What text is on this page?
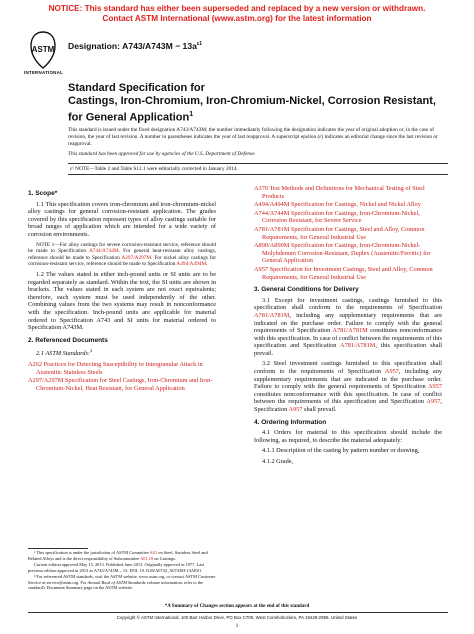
NOTICE: This standard has either been superseded and replaced by a new version or withdrawn.
Contact ASTM International (www.astm.org) for the latest information
ASTM
INTERNATIONAL
Designation: $A743/A743M - 13a^{\varepsilon 1}$
Standard Specification for
Castings, Iron-Chromium, Iron-Chromium-Nickel, Corrosion Resistant, for General Application$^1$
This standard is issued under the fixed designation A743/A743M; the number immediately following the designation indicates the year of original adoption or, in the case of revision, the year of last revision. A number in parentheses indicates the year of last reapproval. A superscript epsilon (ε) indicates an editorial change since the last revision or reapproval.
This standard has been approved for use by agencies of the U.S. Department of Defense.
ε¹ NOTE—Table 2 and Table S12.1 were editorially corrected in January 2014.
1. Scope*

1.1 This specification covers iron-chromium and iron-chromium-nickel alloy castings for general corrosion-resistant application. The grades covered by this specification represent types of alloy castings suitable for broad ranges of application which are intended for a wide variety of corrosion environments.

NOTE 1—For alloy castings for severe corrosion-resistant service, reference should be made to Specification A744/A744M. For general heat-resistant alloy castings, reference should be made to Specification A297/A297M. For nickel alloy castings for corrosion-resistant service, reference should be made to Specification A494/A494M.

1.2 The values stated in either inch-pound units or SI units are to be regarded separately as standard. Within the text, the SI units are shown in brackets. The values stated in each system are not exact equivalents; therefore, each system must be used independently of the other. Combining values from the two systems may result in nonconformance with the specification. Inch-pound units are applicable for material ordered to Specification A743 and SI units for material ordered to Specification A743M.

2. Referenced Documents

2.1 ASTM Standards:$^2$

A262 Practices for Detecting Susceptibility to Intergranular Attack in Austenitic Stainless Steels
A297/A297M Specification for Steel Castings, Iron-Chromium and Iron-Chromium-Nickel, Heat Resistant, for General Application
A370 Test Methods and Definitions for Mechanical Testing of Steel Products
A494/A494M Specification for Castings, Nickel and Nickel Alloy
A744/A744M Specification for Castings, Iron-Chromium-Nickel, Corrosion Resistant, for Severe Service
A781/A781M Specification for Castings, Steel and Alloy, Common Requirements, for General Industrial Use
A890/A890M Specification for Castings, Iron-Chromium-Nickel-Molybdenum Corrosion-Resistant, Duplex (Austenitic/Ferritic) for General Application
A957 Specification for Investment Castings, Steel and Alloy, Common Requirements, for General Industrial Use
3. General Conditions for Delivery

3.1 Except for investment castings, castings furnished to this specification shall conform to the requirements of Specification A781/A781M, including any supplementary requirements that are indicated on the purchase order. Failure to comply with the general requirements of Specification A781/A781M constitutes nonconformance with this specification. In case of conflict between the requirements of this specification and Specification A781/A781M, this specification shall prevail.

3.2 Steel investment castings furnished to this specification shall conform to the requirements of Specification A957, including any supplementary requirements that are indicated in the purchase order. Failure to comply with the general requirements of Specification A957 constitutes nonconformance with this specification. In case of conflict between the requirements of this specification and Specification A957, Specification A957 shall prevail.

4. Ordering Information

4.1 Orders for material to this specification should include the following, as required, to describe the material adequately:

4.1.1 Description of the casting by pattern number or drawing,

4.1.2 Grade,

¹ This specification is under the jurisdiction of ASTM Committee A01 on Steel, Stainless Steel and Related Alloys and is the direct responsibility of Subcommittee A01.18 on Castings.

Current edition approved May 15, 2013. Published June 2013. Originally approved in 1977. Last previous edition approved in 2013 as A743/A743M – 13. DOI: 10.1520/A0743_A0743M-13AE01.

² For referenced ASTM standards, visit the ASTM website, www.astm.org, or contact ASTM Customer Service at service@astm.org. For Annual Book of ASTM Standards volume information, refer to the standard's Document Summary page on the ASTM website.

*A Summary of Changes section appears at the end of this standard
Copyright © ASTM International, 100 Barr Harbor Drive, PO Box C700, West Conshohocken, PA 19428-2959. United States
1
